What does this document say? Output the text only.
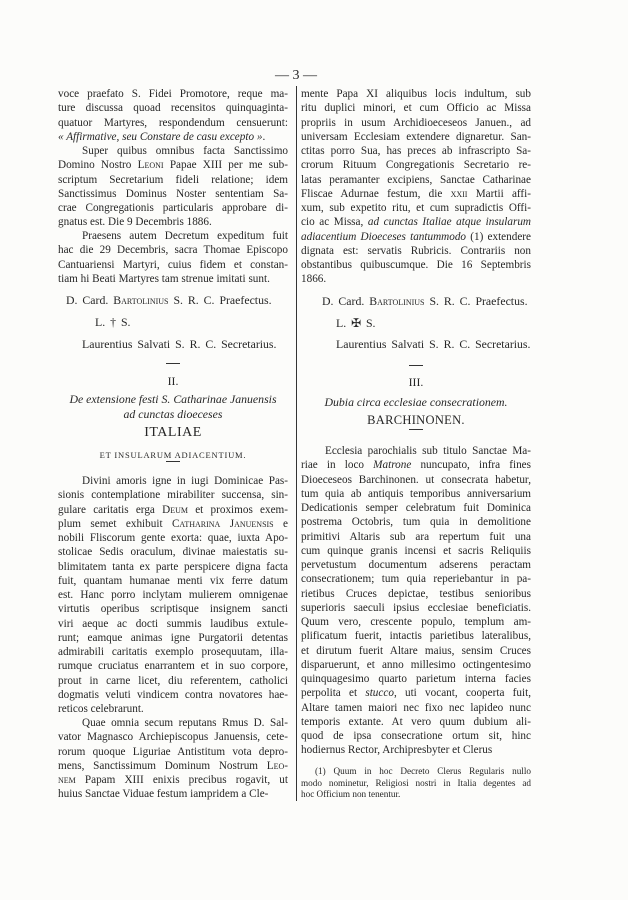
— 3 —
voce praefato S. Fidei Promotore, reque ma-
ture discussa quoad recensitos quinquaginta-
quatuor Martyres, respondendum censuerunt:
« Affirmative, seu Constare de casu excepto ».
Super quibus omnibus facta Sanctissimo
Domino Nostro Leoni Papae XIII per me sub-
scriptum Secretarium fideli relatione; idem
Sanctissimus Dominus Noster sententiam Sa-
crae Congregationis particularis approbare di-
gnatus est. Die 9 Decembris 1886.
Praesens autem Decretum expeditum fuit
hac die 29 Decembris, sacra Thomae Episcopo
Cantuariensi Martyri, cuius fidem et constan-
tiam hi Beati Martyres tam strenue imitati sunt.
D. Card. Bartolinius S. R. C. Praefectus.
L. † S.
Laurentius Salvati S. R. C. Secretarius.
II.
De extensione festi S. Catharinae Januensis
ad cunctas dioeceses
ITALIAE
ET INSULARUM ADIACENTIUM.
Divini amoris igne in iugi Dominicae Pas-
sionis contemplatione mirabiliter succensa, sin-
gulare caritatis erga Deum et proximos exem-
plum semet exhibuit Catharina Januensis e
nobili Fliscorum gente exorta: quae, iuxta Apo-
stolicae Sedis oraculum, divinae maiestatis su-
blimitatem tanta ex parte perspicere digna facta
fuit, quantam humanae menti vix ferre datum
est. Hanc porro inclytam mulierem omnigenae
virtutis operibus scriptisque insignem sancti
viri aeque ac docti summis laudibus extule-
runt; eamque animas igne Purgatorii detentas
admirabili caritatis exemplo prosequutam, illa-
rumque cruciatus enarrantem et in suo corpore,
prout in carne licet, diu referentem, catholici
dogmatis veluti vindicem contra novatores hae-
reticos celebrarunt.
Quae omnia secum reputans Rmus D. Sal-
vator Magnasco Archiepiscopus Januensis, cete-
rorum quoque Liguriae Antistitum vota depro-
mens, Sanctissimum Dominum Nostrum Leo-
nem Papam XIII enixis precibus rogavit, ut
huius Sanctae Viduae festum iampridem a Cle-
mente Papa XI aliquibus locis indultum, sub
ritu duplici minori, et cum Officio ac Missa
propriis in usum Archidioeceseos Januen., ad
universam Ecclesiam extendere dignaretur. San-
ctitas porro Sua, has preces ab infrascripto Sa-
crorum Rituum Congregationis Secretario re-
latas peramanter excipiens, Sanctae Catharinae
Fliscae Adurnae festum, die xxii Martii affi-
xum, sub expetito ritu, et cum supradictis Offi-
cio ac Missa, ad cunctas Italiae atque insularum
adiacentium Dioeceses tantummodo (1) extendere
dignata est: servatis Rubricis. Contrariis non
obstantibus quibuscumque. Die 16 Septembris
1866.
D. Card. Bartolinius S. R. C. Praefectus.
L. ✠ S.
Laurentius Salvati S. R. C. Secretarius.
III.
Dubia circa ecclesiae consecrationem.
BARCHINONEN.
Ecclesia parochialis sub titulo Sanctae Ma-
riae in loco Matrone nuncupato, infra fines
Dioeceseos Barchinonen. ut consecrata habetur,
tum quia ab antiquis temporibus anniversarium
Dedicationis semper celebratum fuit Dominica
postrema Octobris, tum quia in demolitione
primitivi Altaris sub ara repertum fuit una
cum quinque granis incensi et sacris Reliquiis
pervetustum documentum adserens peractam
consecrationem; tum quia reperiebantur in pa-
rietibus Cruces depictae, testibus senioribus
superioris saeculi ipsius ecclesiae beneficiatis.
Quum vero, crescente populo, templum am-
plificatum fuerit, intactis parietibus lateralibus,
et dirutum fuerit Altare maius, sensim Cruces
disparuerunt, et anno millesimo octingentesimo
quinquagesimo quarto parietum interna facies
perpolita et stucco, uti vocant, cooperta fuit,
Altare tamen maiori nec fixo nec lapideo nunc
temporis extante. At vero quum dubium ali-
quod de ipsa consecratione ortum sit, hinc
hodiernus Rector, Archipresbyter et Clerus
(1) Quum in hoc Decreto Clerus Regularis nullo
modo nominetur, Religiosi nostri in Italia degentes ad
hoc Officium non tenentur.
